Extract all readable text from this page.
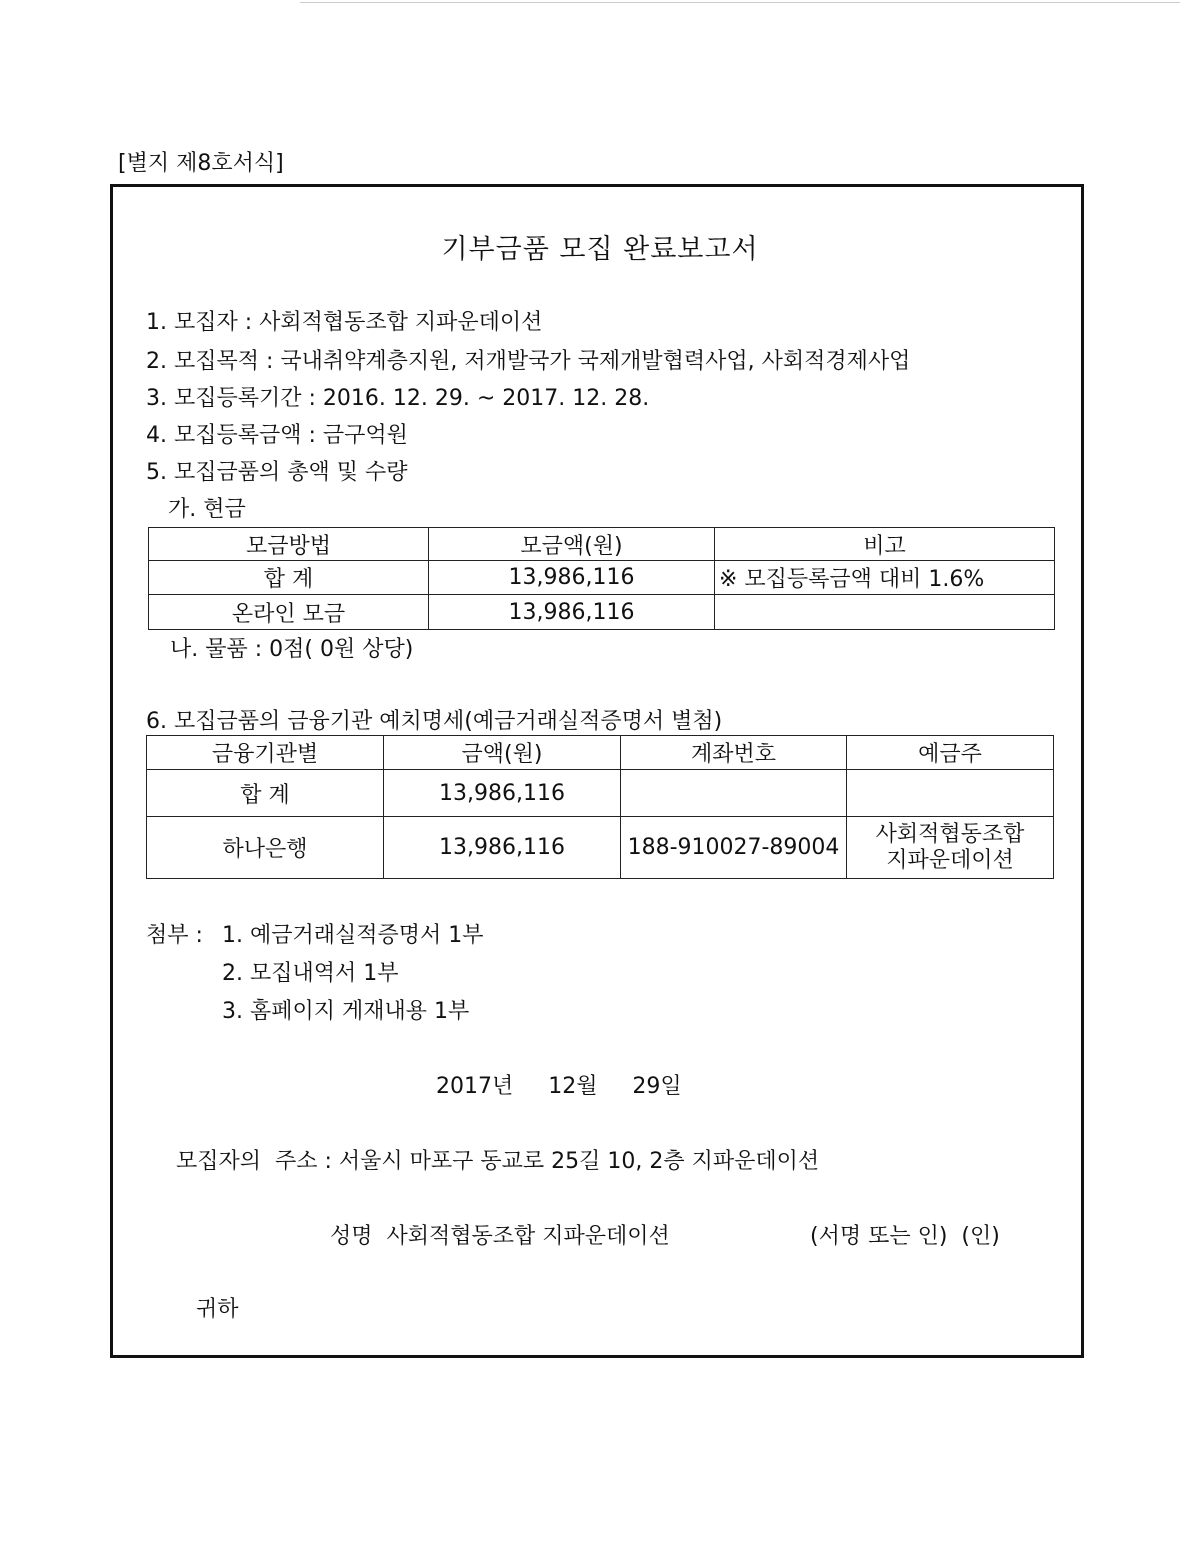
[별지 제8호서식]
기부금품 모집 완료보고서
1. 모집자 : 사회적협동조합 지파운데이션
2. 모집목적 : 국내취약계층지원, 저개발국가 국제개발협력사업, 사회적경제사업
3. 모집등록기간 : 2016. 12. 29. ~ 2017. 12. 28.
4. 모집등록금액 : 금구억원
5. 모집금품의 총액 및 수량
가. 현금
모금방법	모금액(원)	비고
합 계	13,986,116	※ 모집등록금액 대비 1.6%
온라인 모금	13,986,116	
나. 물품 : 0점( 0원 상당)
6. 모집금품의 금융기관 예치명세(예금거래실적증명서 별첨)
금융기관별	금액(원)	계좌번호	예금주
합 계	13,986,116		
하나은행	13,986,116	188-910027-89004	사회적협동조합
지파운데이션
첨부 : 1. 예금거래실적증명서 1부
2. 모집내역서 1부
3. 홈페이지 게재내용 1부
2017년     12월     29일
모집자의  주소 : 서울시 마포구 동교로 25길 10, 2층 지파운데이션
성명  사회적협동조합 지파운데이션	(서명 또는 인)  (인)
귀하
